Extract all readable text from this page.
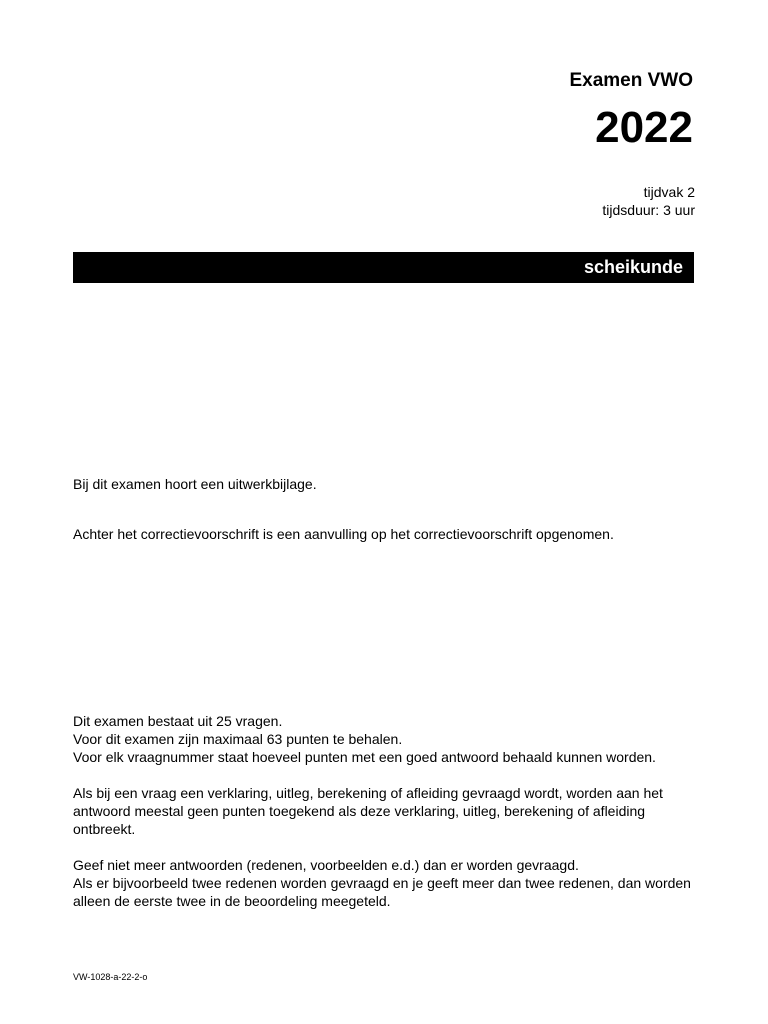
Examen VWO
2022
tijdvak 2
tijdsduur: 3 uur
scheikunde
Bij dit examen hoort een uitwerkbijlage.
Achter het correctievoorschrift is een aanvulling op het correctievoorschrift opgenomen.

Dit examen bestaat uit 25 vragen.
Voor dit examen zijn maximaal 63 punten te behalen.
Voor elk vraagnummer staat hoeveel punten met een goed antwoord behaald kunnen worden.

Als bij een vraag een verklaring, uitleg, berekening of afleiding gevraagd wordt, worden aan het antwoord meestal geen punten toegekend als deze verklaring, uitleg, berekening of afleiding ontbreekt.

Geef niet meer antwoorden (redenen, voorbeelden e.d.) dan er worden gevraagd.
Als er bijvoorbeeld twee redenen worden gevraagd en je geeft meer dan twee redenen, dan worden alleen de eerste twee in de beoordeling meegeteld.

VW-1028-a-22-2-o
